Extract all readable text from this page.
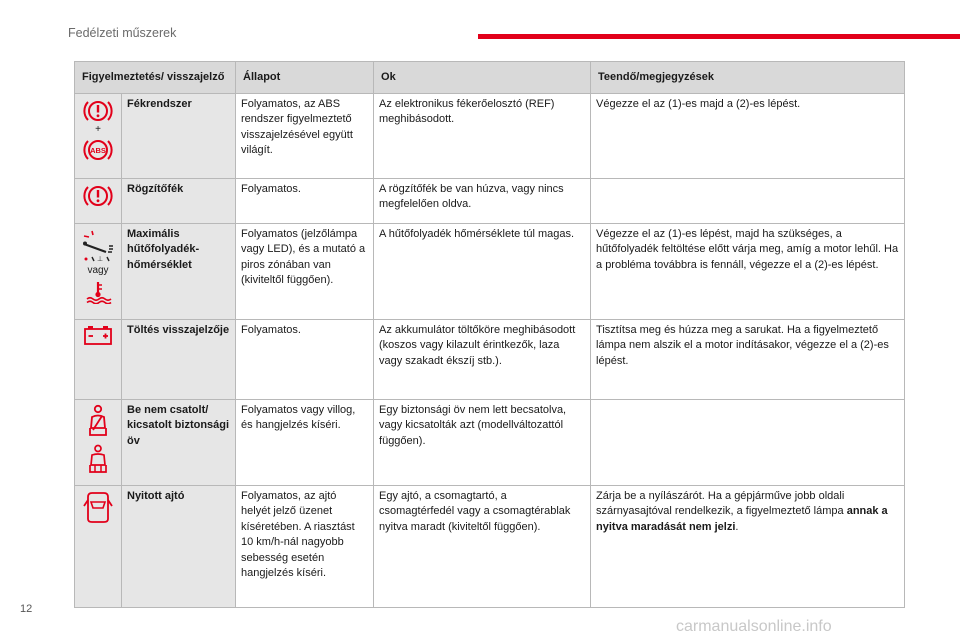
Fedélzeti műszerek
Figyelmeztetés/ visszajelző		Állapot	Ok	Teendő/megjegyzések

+
ABS	Fékrendszer	Folyamatos, az ABS rendszer figyelmeztető visszajelzésével együtt világít.	Az elektronikus fékerőelosztó (REF) meghibásodott.	Végezze el az (1)-es majd a (2)-es lépést.

	Rögzítőfék	Folyamatos.	A rögzítőfék be van húzva, vagy nincs megfelelően oldva.	

⊥
vagy	Maximális hűtőfolyadék-hőmérséklet	Folyamatos (jelzőlámpa vagy LED), és a mutató a piros zónában van (kiviteltől függően).	A hűtőfolyadék hőmérséklete túl magas.	Végezze el az (1)-es lépést, majd ha szükséges, a hűtőfolyadék feltöltése előtt várja meg, amíg a motor lehűl. Ha a probléma továbbra is fennáll, végezze el a (2)-es lépést.

	Töltés visszajelzője	Folyamatos.	Az akkumulátor töltőköre meghibásodott (koszos vagy kilazult érintkezők, laza vagy szakadt ékszíj stb.).	Tisztítsa meg és húzza meg a sarukat. Ha a figyelmeztető lámpa nem alszik el a motor indításakor, végezze el a (2)-es lépést.

	Be nem csatolt/ kicsatolt biztonsági öv	Folyamatos vagy villog, és hangjelzés kíséri.	Egy biztonsági öv nem lett becsatolva, vagy kicsatolták azt (modellváltozattól függően).	

	Nyitott ajtó	Folyamatos, az ajtó helyét jelző üzenet kíséretében. A riasztást 10 km/h-nál nagyobb sebesség esetén hangjelzés kíséri.	Egy ajtó, a csomagtartó, a csomagtérfedél vagy a csomagtérablak nyitva maradt (kiviteltől függően).	Zárja be a nyílászárót. Ha a gépjárműve jobb oldali szárnyasajtóval rendelkezik, a figyelmeztető lámpa annak a nyitva maradását nem jelzi.
12
carmanualsonline.info
